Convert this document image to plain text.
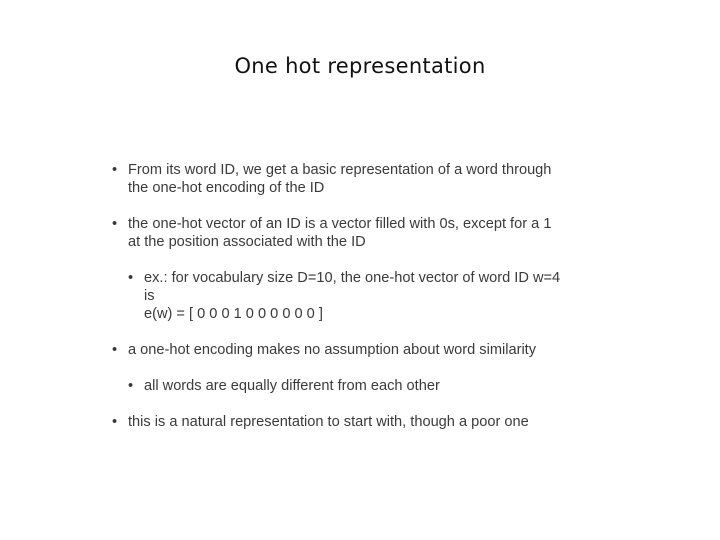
One hot representation
• From its word ID, we get a basic representation of a word through
the one-hot encoding of the ID
• the one-hot vector of an ID is a vector filled with 0s, except for a 1
at the position associated with the ID
• ex.: for vocabulary size D=10, the one-hot vector of word ID w=4
is
e(w) = [ 0 0 0 1 0 0 0 0 0 0 ]
• a one-hot encoding makes no assumption about word similarity
• all words are equally different from each other
• this is a natural representation to start with, though a poor one
